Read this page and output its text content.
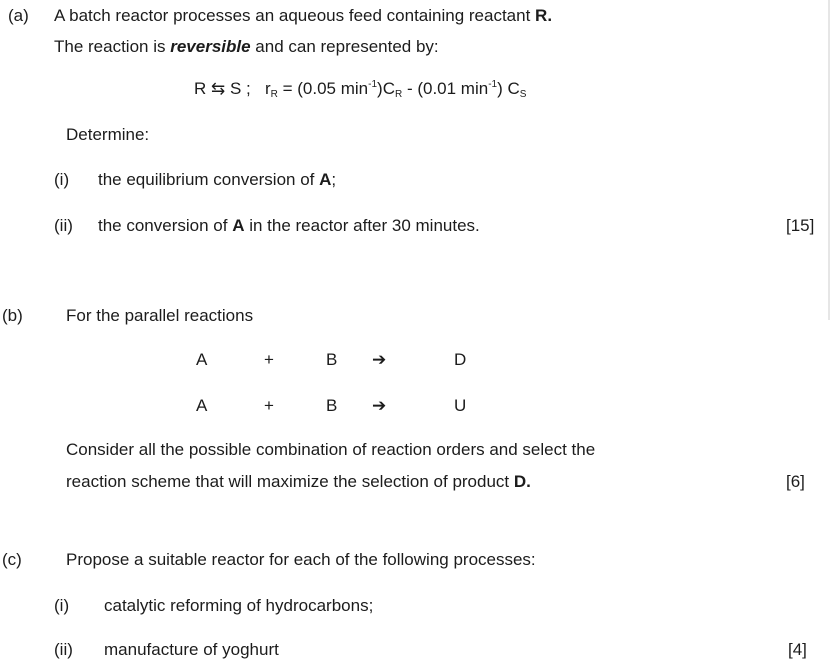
(a) A batch reactor processes an aqueous feed containing reactant R.
The reaction is reversible and can represented by:
R ⇆ S ; rR = (0.05 $\min^{-1})CR - (0.01$ $\min^{-1}$) CS
Determine:
(i) the equilibrium conversion of A;
(ii) the conversion of A in the reactor after 30 minutes.	[15]
(b)	For the parallel reactions
A	+	B ➔	D
A	+	B ➔	U
Consider all the possible combination of reaction orders and select the
reaction scheme that will maximize the selection of product D.	[6]
(c)	Propose a suitable reactor for each of the following processes:
(i) catalytic reforming of hydrocarbons;
(ii) manufacture of yoghurt	[4]
